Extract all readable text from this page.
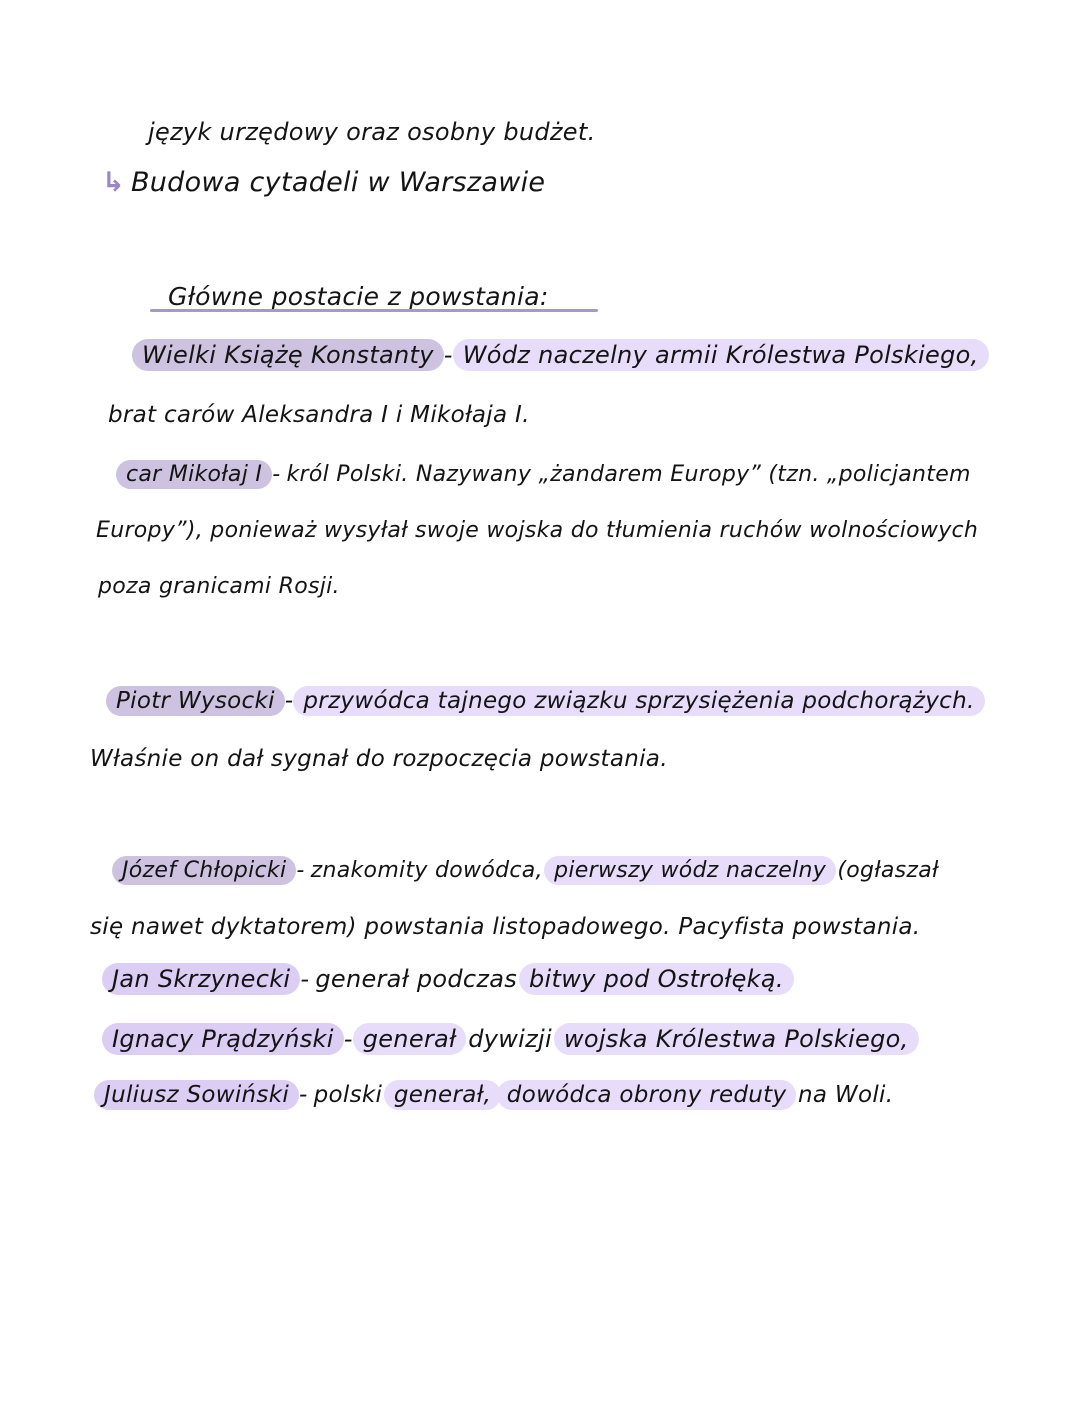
język urzędowy oraz osobny budżet.
↳ Budowa cytadeli w Warszawie
Główne postacie z powstania:
Wielki Książę Konstanty - Wódz naczelny armii Królestwa Polskiego,
brat carów Aleksandra I i Mikołaja I.
car Mikołaj I - król Polski. Nazywany „żandarem Europy” (tzn. „policjantem
Europy”), ponieważ wysyłał swoje wojska do tłumienia ruchów wolnościowych
poza granicami Rosji.
Piotr Wysocki - przywódca tajnego związku sprzysiężenia podchorążych.
Właśnie on dał sygnał do rozpoczęcia powstania.
Józef Chłopicki - znakomity dowódca, pierwszy wódz naczelny (ogłaszał
się nawet dyktatorem) powstania listopadowego. Pacyfista powstania.
Jan Skrzynecki - generał podczas bitwy pod Ostrołęką.
Ignacy Prądzyński - generał dywizji wojska Królestwa Polskiego,
Juliusz Sowiński - polski generał, dowódca obrony reduty na Woli.
